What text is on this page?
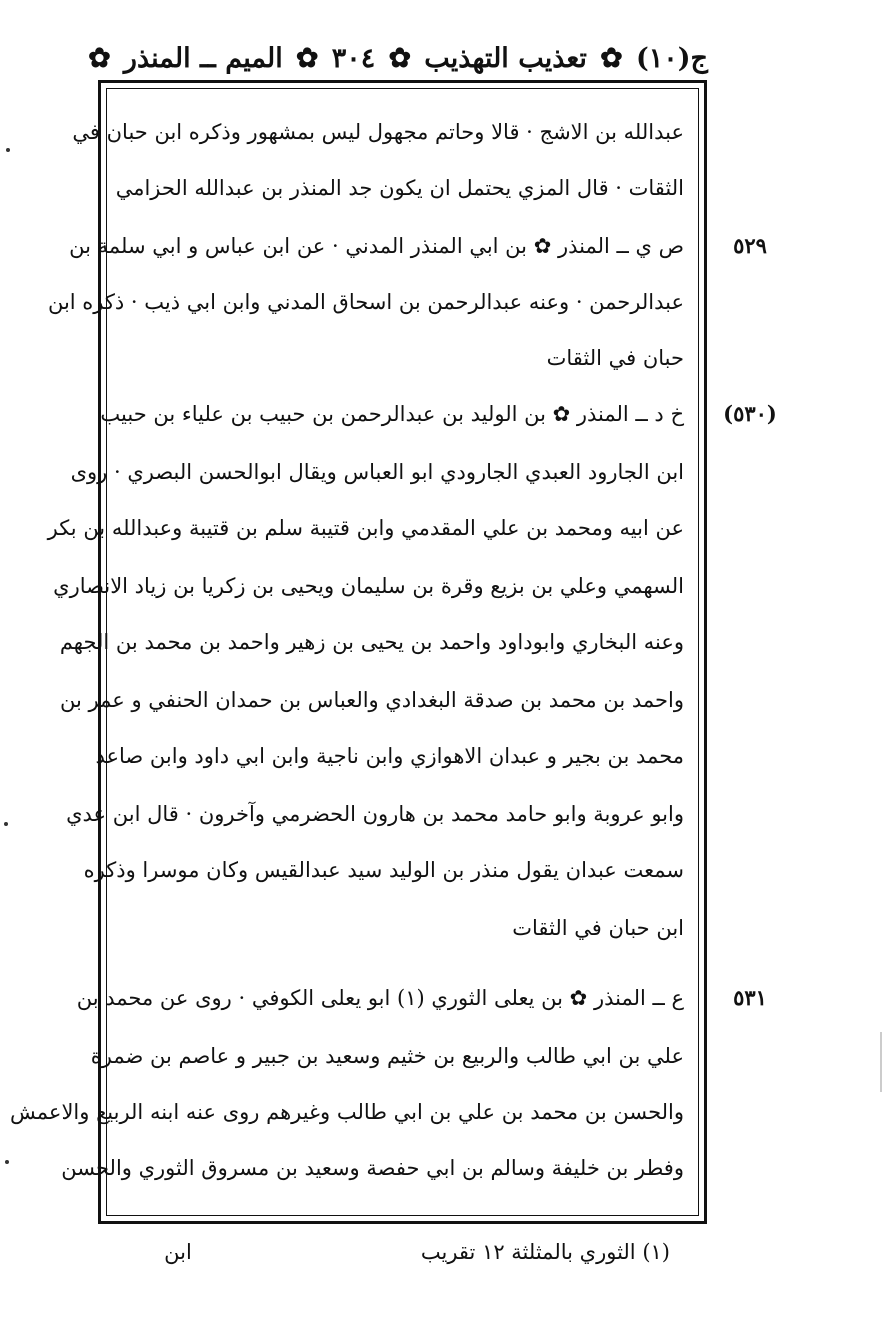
ج(١٠)
✿
تعذيب التهذيب
✿
٣٠٤
✿
الميم ــ المنذر
✿
٥٢٩
(٥٣٠)
٥٣١
عبدالله بن الاشج · قالا وحاتم مجهول ليس بمشهور وذكره ابن حبان في
الثقات · قال المزي يحتمل ان يكون جد المنذر بن عبدالله الحزامي
ص ي ــ المنذر ✿ بن ابي المنذر المدني · عن ابن عباس و ابي سلمة بن
عبدالرحمن · وعنه عبدالرحمن بن اسحاق المدني وابن ابي ذيب · ذكره ابن
حبان في الثقات
خ د ــ المنذر ✿ بن الوليد بن عبدالرحمن بن حبيب بن علياء بن حبيب
ابن الجارود العبدي الجارودي ابو العباس ويقال ابوالحسن البصري · روى
عن ابيه ومحمد بن علي المقدمي وابن قتيبة سلم بن قتيبة وعبدالله بن بكر
السهمي وعلي بن بزيع وقرة بن سليمان ويحيى بن زكريا بن زياد الانصاري
وعنه البخاري وابوداود واحمد بن يحيى بن زهير واحمد بن محمد بن الجهم
واحمد بن محمد بن صدقة البغدادي والعباس بن حمدان الحنفي و عمر بن
محمد بن بجير و عبدان الاهوازي وابن ناجية وابن ابي داود وابن صاعد
وابو عروبة وابو حامد محمد بن هارون الحضرمي وآخرون · قال ابن عدي
سمعت عبدان يقول منذر بن الوليد سيد عبدالقيس وكان موسرا وذكره
ابن حبان في الثقات
ع ــ المنذر ✿ بن يعلى الثوري (١) ابو يعلى الكوفي · روى عن محمد بن
علي بن ابي طالب والربيع بن خثيم وسعيد بن جبير و عاصم بن ضمرة
والحسن بن محمد بن علي بن ابي طالب وغيرهم روى عنه ابنه الربيع والاعمش
وفطر بن خليفة وسالم بن ابي حفصة وسعيد بن مسروق الثوري والحسن
(١) الثوري بالمثلثة ١٢ تقريب
ابن
